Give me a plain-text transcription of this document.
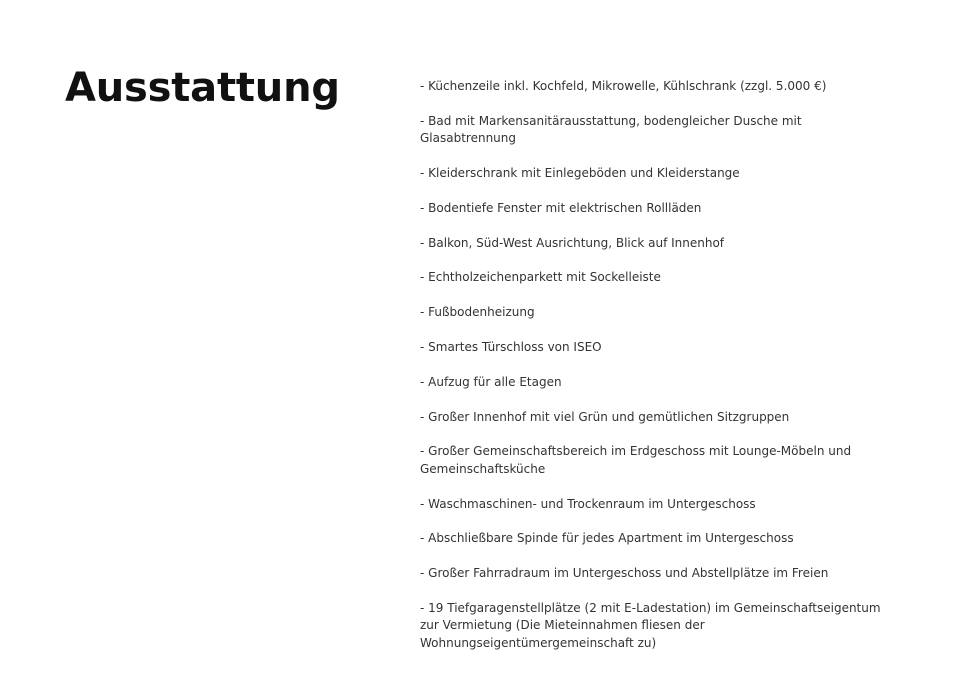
Ausstattung	- Küchenzeile inkl. Kochfeld, Mikrowelle, Kühlschrank (zzgl. 5.000 €)
- Bad mit Markensanitärausstattung, bodengleicher Dusche mit Glasabtrennung
- Kleiderschrank mit Einlegeböden und Kleiderstange
- Bodentiefe Fenster mit elektrischen Rollläden
- Balkon, Süd-West Ausrichtung, Blick auf Innenhof
- Echtholzeichenparkett mit Sockelleiste
- Fußbodenheizung
- Smartes Türschloss von ISEO
- Aufzug für alle Etagen
- Großer Innenhof mit viel Grün und gemütlichen Sitzgruppen
- Großer Gemeinschaftsbereich im Erdgeschoss mit Lounge-Möbeln und Gemeinschaftsküche
- Waschmaschinen- und Trockenraum im Untergeschoss
- Abschließbare Spinde für jedes Apartment im Untergeschoss
- Großer Fahrradraum im Untergeschoss und Abstellplätze im Freien
- 19 Tiefgaragenstellplätze (2 mit E-Ladestation) im Gemeinschaftseigentum zur Vermietung (Die Mieteinnahmen fliesen der Wohnungseigentümergemeinschaft zu)
